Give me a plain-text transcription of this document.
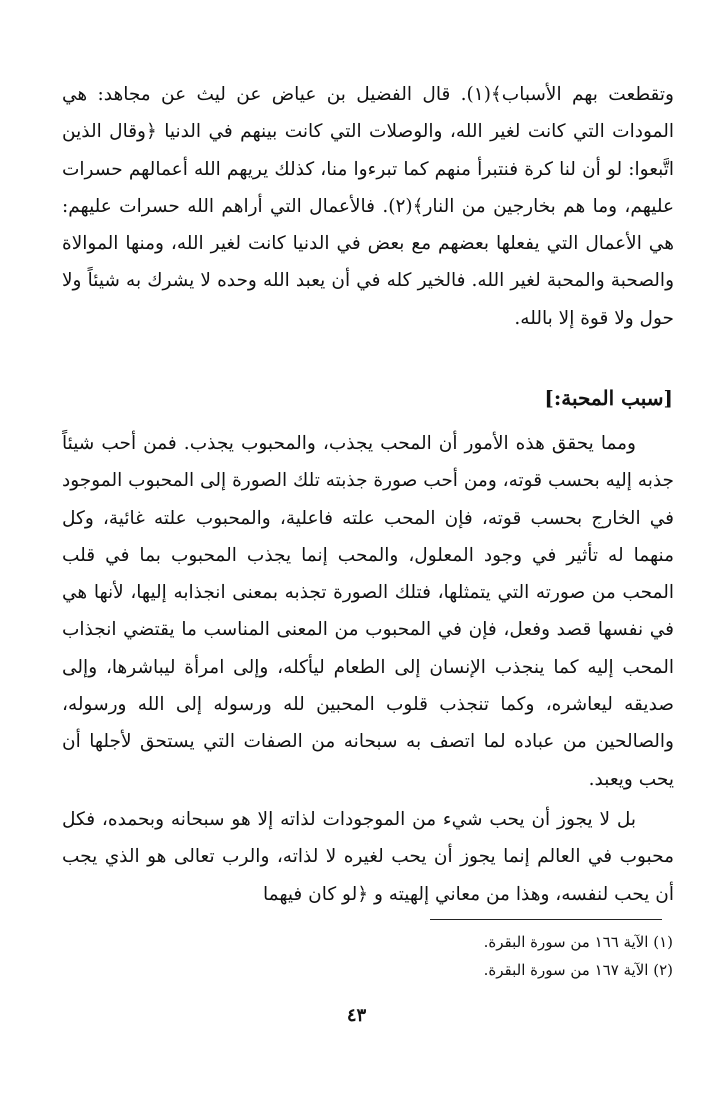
وتقطعت بهم الأسباب﴾(١). قال الفضيل بن عياض عن ليث عن مجاهد: هي المودات التي كانت لغير الله، والوصلات التي كانت بينهم في الدنيا ﴿وقال الذين اتَّبعوا: لو أن لنا كرة فنتبرأ منهم كما تبرءوا منا، كذلك يريهم الله أعمالهم حسرات عليهم، وما هم بخارجين من النار﴾(٢). فالأعمال التي أراهم الله حسرات عليهم: هي الأعمال التي يفعلها بعضهم مع بعض في الدنيا كانت لغير الله، ومنها الموالاة والصحبة والمحبة لغير الله. فالخير كله في أن يعبد الله وحده لا يشرك به شيئاً ولا حول ولا قوة إلا بالله.

[سبب المحبة:]

ومما يحقق هذه الأمور أن المحب يجذب، والمحبوب يجذب. فمن أحب شيئاً جذبه إليه بحسب قوته، ومن أحب صورة جذبته تلك الصورة إلى المحبوب الموجود في الخارج بحسب قوته، فإن المحب علته فاعلية، والمحبوب علته غائية، وكل منهما له تأثير في وجود المعلول، والمحب إنما يجذب المحبوب بما في قلب المحب من صورته التي يتمثلها، فتلك الصورة تجذبه بمعنى انجذابه إليها، لأنها هي في نفسها قصد وفعل، فإن في المحبوب من المعنى المناسب ما يقتضي انجذاب المحب إليه كما ينجذب الإنسان إلى الطعام ليأكله، وإلى امرأة ليباشرها، وإلى صديقه ليعاشره، وكما تنجذب قلوب المحبين لله ورسوله إلى الله ورسوله، والصالحين من عباده لما اتصف به سبحانه من الصفات التي يستحق لأجلها أن يحب ويعبد.

بل لا يجوز أن يحب شيء من الموجودات لذاته إلا هو سبحانه وبحمده، فكل محبوب في العالم إنما يجوز أن يحب لغيره لا لذاته، والرب تعالى هو الذي يجب أن يحب لنفسه، وهذا من معاني إلهيته و ﴿لو كان فيهما

(١) الآية ١٦٦ من سورة البقرة.
(٢) الآية ١٦٧ من سورة البقرة.
٤٣
